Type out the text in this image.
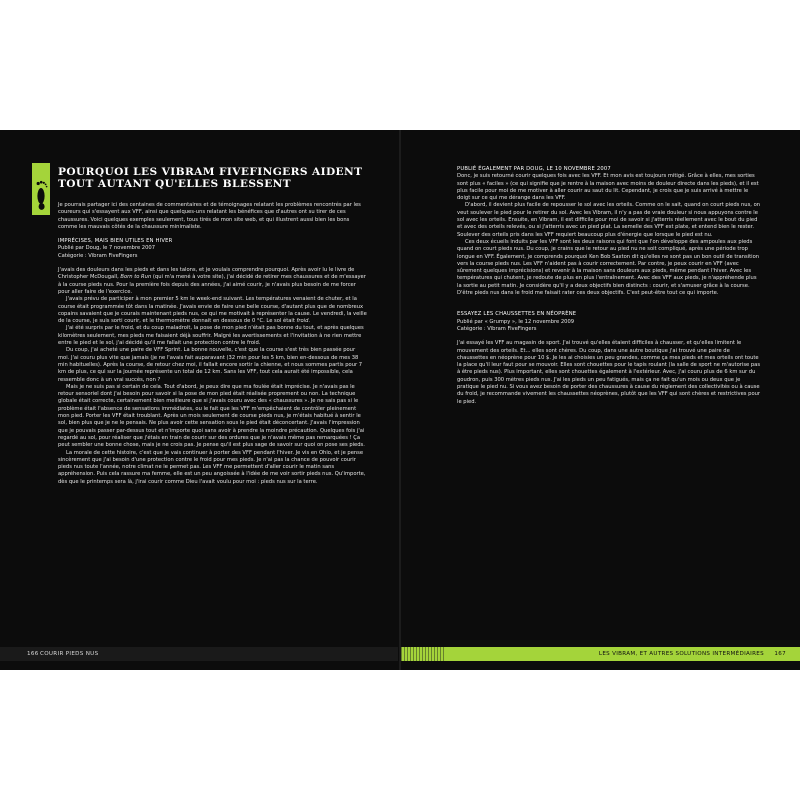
POURQUOI LES VIBRAM FIVEFINGERS AIDENT
TOUT AUTANT QU'ELLES BLESSENT

Je pourrais partager ici des centaines de commentaires et de témoignages relatant les problèmes rencontrés par les coureurs qui s'essayent aux VFF, ainsi que quelques-uns relatant les bénéfices que d'autres ont su tirer de ces chaussures. Voici quelques exemples seulement, tous tirés de mon site web, et qui illustrent aussi bien les bons comme les mauvais côtés de la chaussure minimaliste.

IMPRÉCISES, MAIS BIEN UTILES EN HIVER

Publié par Doug, le 7 novembre 2007

Catégorie : Vibram FiveFingers

J'avais des douleurs dans les pieds et dans les talons, et je voulais comprendre pourquoi. Après avoir lu le livre de Christopher McDougall, Born to Run (qui m'a mené à votre site), j'ai décidé de retirer mes chaussures et de m'essayer à la course pieds nus. Pour la première fois depuis des années, j'ai aimé courir, je n'avais plus besoin de me forcer pour aller faire de l'exercice.

J'avais prévu de participer à mon premier 5 km le week-end suivant. Les températures venaient de chuter, et la course était programmée tôt dans la matinée. J'avais envie de faire une belle course, d'autant plus que de nombreux copains savaient que je courais maintenant pieds nus, ce qui me motivait à représenter la cause. Le vendredi, la veille de la course, je suis sorti courir, et le thermomètre donnait en dessous de 0 °C. Le sol était froid.

J'ai été surpris par le froid, et du coup maladroit, la pose de mon pied n'était pas bonne du tout, et après quelques kilomètres seulement, mes pieds me faisaient déjà souffrir. Malgré les avertissements et l'invitation à ne rien mettre entre le pied et le sol, j'ai décidé qu'il me fallait une protection contre le froid.

Du coup, j'ai acheté une paire de VFF Sprint. La bonne nouvelle, c'est que la course s'est très bien passée pour moi. J'ai couru plus vite que jamais (je ne l'avais fait auparavant (32 min pour les 5 km, bien en-dessous de mes 38 min habituelles). Après la course, de retour chez moi, il fallait encore sortir la chienne, et nous sommes partis pour 7 km de plus, ce qui sur la journée représente un total de 12 km. Sans les VFF, tout cela aurait été impossible, cela ressemble donc à un vrai succès, non ?

Mais je ne suis pas si certain de cela. Tout d'abord, je peux dire que ma foulée était imprécise. Je n'avais pas le retour sensoriel dont j'ai besoin pour savoir si la pose de mon pied était réalisée proprement ou non. La technique globale était correcte, certainement bien meilleure que si j'avais couru avec des « chaussures ». Je ne sais pas si le problème était l'absence de sensations immédiates, ou le fait que les VFF m'empêchaient de contrôler pleinement mon pied. Porter les VFF était troublant. Après un mois seulement de course pieds nus, je m'étais habitué à sentir le sol, bien plus que je ne le pensais. Ne plus avoir cette sensation sous le pied était déconcertant. J'avais l'impression que je pouvais passer par-dessus tout et n'importe quoi sans avoir à prendre la moindre précaution. Quelques fois j'ai regardé au sol, pour réaliser que j'étais en train de courir sur des ordures que je n'avais même pas remarquées ! Ça peut sembler une bonne chose, mais je ne crois pas. Je pense qu'il est plus sage de savoir sur quoi on pose ses pieds.

La morale de cette histoire, c'est que je vais continuer à porter des VFF pendant l'hiver. Je vis en Ohio, et je pense sincèrement que j'ai besoin d'une protection contre le froid pour mes pieds. Je n'ai pas la chance de pouvoir courir pieds nus toute l'année, notre climat ne le permet pas. Les VFF me permettent d'aller courir le matin sans appréhension. Puis cela rassure ma femme, elle est un peu angoissée à l'idée de me voir sortir pieds nus. Qu'importe, dès que le printemps sera là, j'irai courir comme Dieu l'avait voulu pour moi : pieds nus sur la terre.

PUBLIÉ ÉGALEMENT PAR DOUG, LE 10 NOVEMBRE 2007

Donc, je suis retourné courir quelques fois avec les VFF. Et mon avis est toujours mitigé. Grâce à elles, mes sorties sont plus « faciles » (ce qui signifie que je rentre à la maison avec moins de douleur directe dans les pieds), et il est plus facile pour moi de me motiver à aller courir au saut du lit. Cependant, je crois que je suis arrivé à mettre le doigt sur ce qui me dérange dans les VFF.

D'abord, il devient plus facile de repousser le sol avec les orteils. Comme on le sait, quand on court pieds nus, on veut soulever le pied pour le retirer du sol. Avec les Vibram, il n'y a pas de vraie douleur si nous appuyons contre le sol avec les orteils. Ensuite, en Vibram, il est difficile pour moi de savoir si j'atterris réellement avec le bout du pied et avec des orteils relevés, ou si j'atterris avec un pied plat. La semelle des VFF est plate, et entend bien le rester. Soulever des orteils pris dans les VFF requiert beaucoup plus d'énergie que lorsque le pied est nu.

Ces deux écueils induits par les VFF sont les deux raisons qui font que l'on développe des ampoules aux pieds quand on court pieds nus. Du coup, je crains que le retour au pied nu ne soit compliqué, après une période trop longue en VFF. Également, je comprends pourquoi Ken Bob Saxton dit qu'elles ne sont pas un bon outil de transition vers la course pieds nus. Les VFF n'aident pas à courir correctement. Par contre, je peux courir en VFF (avec sûrement quelques imprécisions) et revenir à la maison sans douleurs aux pieds, même pendant l'hiver. Avec les températures qui chutent, je redoute de plus en plus l'entraînement. Avec des VFF aux pieds, je n'appréhende plus la sortie au petit matin. Je considère qu'il y a deux objectifs bien distincts : courir, et s'amuser grâce à la course. D'être pieds nus dans le froid me faisait rater ces deux objectifs. C'est peut-être tout ce qui importe.

ESSAYEZ LES CHAUSSETTES EN NÉOPRÈNE

Publié par « Grumpy », le 12 novembre 2009

Catégorie : Vibram FiveFingers

J'ai essayé les VFF au magasin de sport. J'ai trouvé qu'elles étaient difficiles à chausser, et qu'elles limitent le mouvement des orteils. Et... elles sont chères. Du coup, dans une autre boutique j'ai trouvé une paire de chaussettes en néoprène pour 10 $. Je les ai choisies un peu grandes, comme ça mes pieds et mes orteils ont toute la place qu'il leur faut pour se mouvoir. Elles sont chouettes pour le tapis roulant (la salle de sport ne m'autorise pas à être pieds nus). Plus important, elles sont chouettes également à l'extérieur. Avec, j'ai couru plus de 6 km sur du goudron, puis 300 mètres pieds nus. J'ai les pieds un peu fatigués, mais ça ne fait qu'un mois ou deux que je pratique le pied nu. Si vous avez besoin de porter des chaussures à cause du règlement des collectivités ou à cause du froid, je recommande vivement les chaussettes néoprènes, plutôt que les VFF qui sont chères et restrictives pour le pied.

166 COURIR PIEDS NUS	LES VIBRAM, ET AUTRES SOLUTIONS INTERMÉDIAIRES 167
